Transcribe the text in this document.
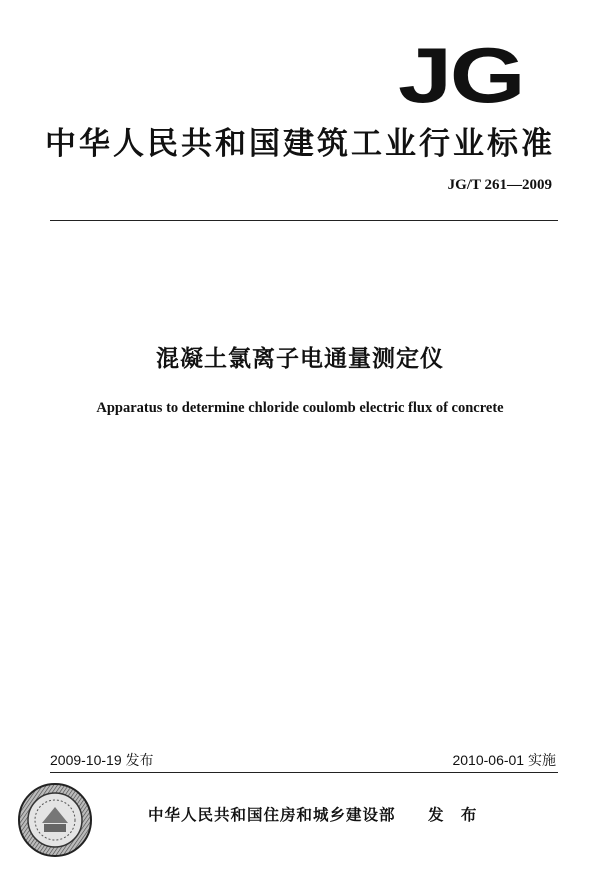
JG
中华人民共和国建筑工业行业标准
JG/T 261—2009
混凝土氯离子电通量测定仪
Apparatus to determine chloride coulomb electric flux of concrete
2009-10-19 发布	2010-06-01 实施
中华人民共和国住房和城乡建设部 发 布
